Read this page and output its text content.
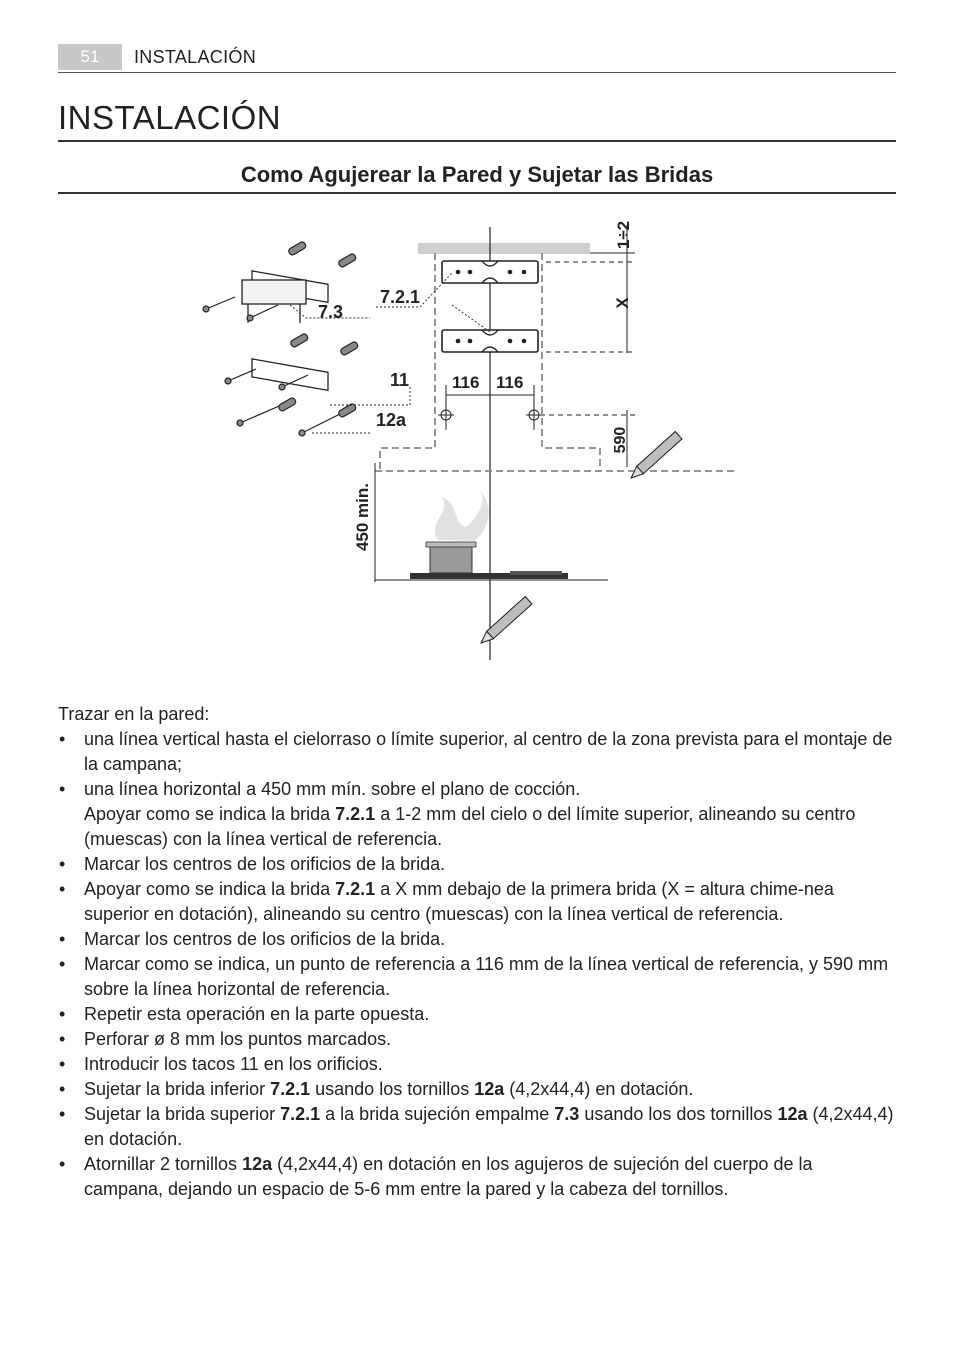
51	INSTALACIÓN
INSTALACIÓN
Como Agujerear la Pared y Sujetar las Bridas
1÷2
X
590
116 116
450 min.
7.3
7.2.1
11
12a

Trazar en la pared:

• una línea vertical hasta el cielorraso o límite superior, al centro de la zona prevista para el montaje de la campana;
• una línea horizontal a 450 mm mín. sobre el plano de cocción.
Apoyar como se indica la brida 7.2.1 a 1-2 mm del cielo o del límite superior, alineando su centro (muescas) con la línea vertical de referencia.
• Marcar los centros de los orificios de la brida.
• Apoyar como se indica la brida 7.2.1 a X mm debajo de la primera brida (X = altura chime-nea superior en dotación), alineando su centro (muescas) con la línea vertical de referencia.
• Marcar los centros de los orificios de la brida.
• Marcar como se indica, un punto de referencia a 116 mm de la línea vertical de referencia, y 590 mm sobre la línea horizontal de referencia.
• Repetir esta operación en la parte opuesta.
• Perforar ø 8 mm los puntos marcados.
• Introducir los tacos 11 en los orificios.
• Sujetar la brida inferior 7.2.1 usando los tornillos 12a (4,2x44,4) en dotación.
• Sujetar la brida superior 7.2.1 a la brida sujeción empalme 7.3 usando los dos tornillos 12a (4,2x44,4) en dotación.
• Atornillar 2 tornillos 12a (4,2x44,4) en dotación en los agujeros de sujeción del cuerpo de la campana, dejando un espacio de 5-6 mm entre la pared y la cabeza del tornillos.
